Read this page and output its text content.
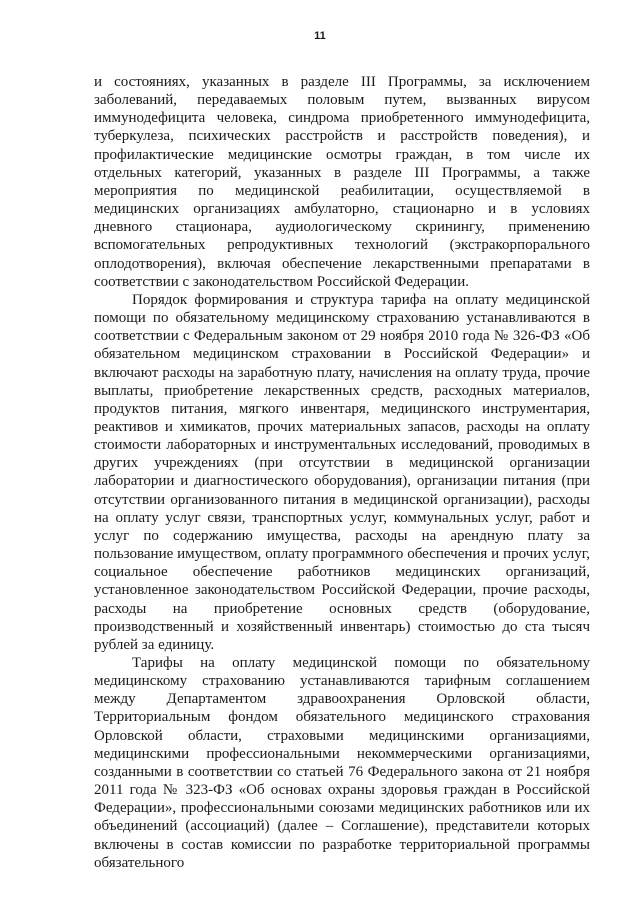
11

и состояниях, указанных в разделе III Программы, за исключением заболеваний, передаваемых половым путем, вызванных вирусом иммунодефицита человека, синдрома приобретенного иммунодефицита, туберкулеза, психических расстройств и расстройств поведения), и профилактические медицинские осмотры граждан, в том числе их отдельных категорий, указанных в разделе III Программы, а также мероприятия по медицинской реабилитации, осуществляемой в медицинских организациях амбулаторно, стационарно и в условиях дневного стационара, аудиологическому скринингу, применению вспомогательных репродуктивных технологий (экстракорпорального оплодотворения), включая обеспечение лекарственными препаратами в соответствии с законодательством Российской Федерации.

Порядок формирования и структура тарифа на оплату медицинской помощи по обязательному медицинскому страхованию устанавливаются в соответствии с Федеральным законом от 29 ноября 2010 года № 326-ФЗ «Об обязательном медицинском страховании в Российской Федерации» и включают расходы на заработную плату, начисления на оплату труда, прочие выплаты, приобретение лекарственных средств, расходных материалов, продуктов питания, мягкого инвентаря, медицинского инструментария, реактивов и химикатов, прочих материальных запасов, расходы на оплату стоимости лабораторных и инструментальных исследований, проводимых в других учреждениях (при отсутствии в медицинской организации лаборатории и диагностического оборудования), организации питания (при отсутствии организованного питания в медицинской организации), расходы на оплату услуг связи, транспортных услуг, коммунальных услуг, работ и услуг по содержанию имущества, расходы на арендную плату за пользование имуществом, оплату программного обеспечения и прочих услуг, социальное обеспечение работников медицинских организаций, установленное законодательством Российской Федерации, прочие расходы, расходы на приобретение основных средств (оборудование, производственный и хозяйственный инвентарь) стоимостью до ста тысяч рублей за единицу.

Тарифы на оплату медицинской помощи по обязательному медицинскому страхованию устанавливаются тарифным соглашением между Департаментом здравоохранения Орловской области, Территориальным фондом обязательного медицинского страхования Орловской области, страховыми медицинскими организациями, медицинскими профессиональными некоммерческими организациями, созданными в соответствии со статьей 76 Федерального закона от 21 ноября 2011 года № 323-ФЗ «Об основах охраны здоровья граждан в Российской Федерации», профессиональными союзами медицинских работников или их объединений (ассоциаций) (далее – Соглашение), представители которых включены в состав комиссии по разработке территориальной программы обязательного
